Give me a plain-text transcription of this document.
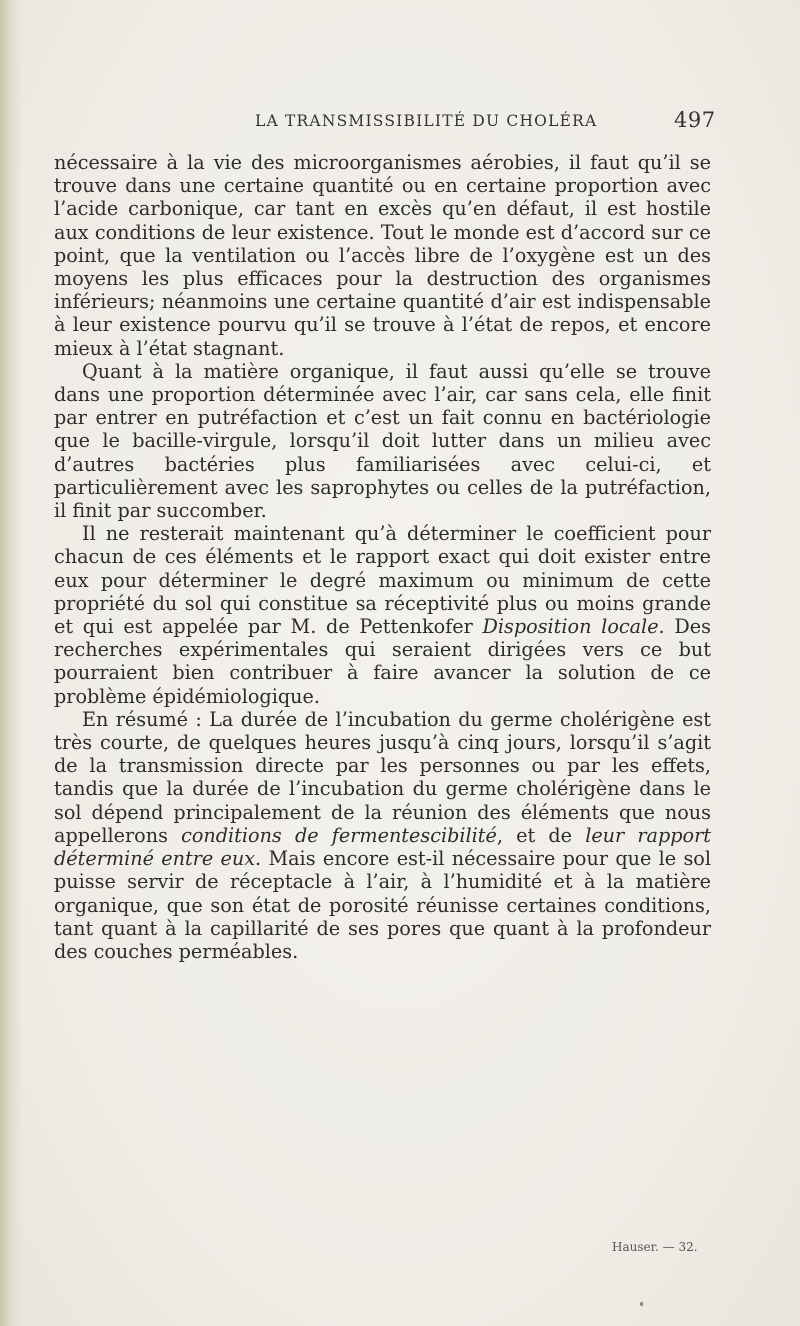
LA TRANSMISSIBILITÉ DU CHOLÉRA	497

nécessaire à la vie des microorganismes aérobies, il faut qu’il se trouve dans une certaine quantité ou en certaine proportion avec l’acide carbonique, car tant en excès qu’en défaut, il est hostile aux conditions de leur existence. Tout le monde est d’accord sur ce point, que la ventilation ou l’accès libre de l’oxygène est un des moyens les plus efficaces pour la destruction des organismes inférieurs; néanmoins une certaine quantité d’air est indispensable à leur existence pourvu qu’il se trouve à l’état de repos, et encore mieux à l’état stagnant.

Quant à la matière organique, il faut aussi qu’elle se trouve dans une proportion déterminée avec l’air, car sans cela, elle finit par entrer en putréfaction et c’est un fait connu en bactériologie que le bacille-virgule, lorsqu’il doit lutter dans un milieu avec d’autres bactéries plus familiarisées avec celui-ci, et particulièrement avec les saprophytes ou celles de la putréfaction, il finit par succomber.

Il ne resterait maintenant qu’à déterminer le coefficient pour chacun de ces éléments et le rapport exact qui doit exister entre eux pour déterminer le degré maximum ou minimum de cette propriété du sol qui constitue sa réceptivité plus ou moins grande et qui est appelée par M. de Pettenkofer Disposition locale. Des recherches expérimentales qui seraient dirigées vers ce but pourraient bien contribuer à faire avancer la solution de ce problème épidémiologique.

En résumé : La durée de l’incubation du germe cholérigène est très courte, de quelques heures jusqu’à cinq jours, lorsqu’il s’agit de la transmission directe par les personnes ou par les effets, tandis que la durée de l’incubation du germe cholérigène dans le sol dépend principalement de la réunion des éléments que nous appellerons conditions de fermentescibilité, et de leur rapport déterminé entre eux. Mais encore est-il nécessaire pour que le sol puisse servir de réceptacle à l’air, à l’humidité et à la matière organique, que son état de porosité réunisse certaines conditions, tant quant à la capillarité de ses pores que quant à la profondeur des couches perméables.

Hauser. — 32.
